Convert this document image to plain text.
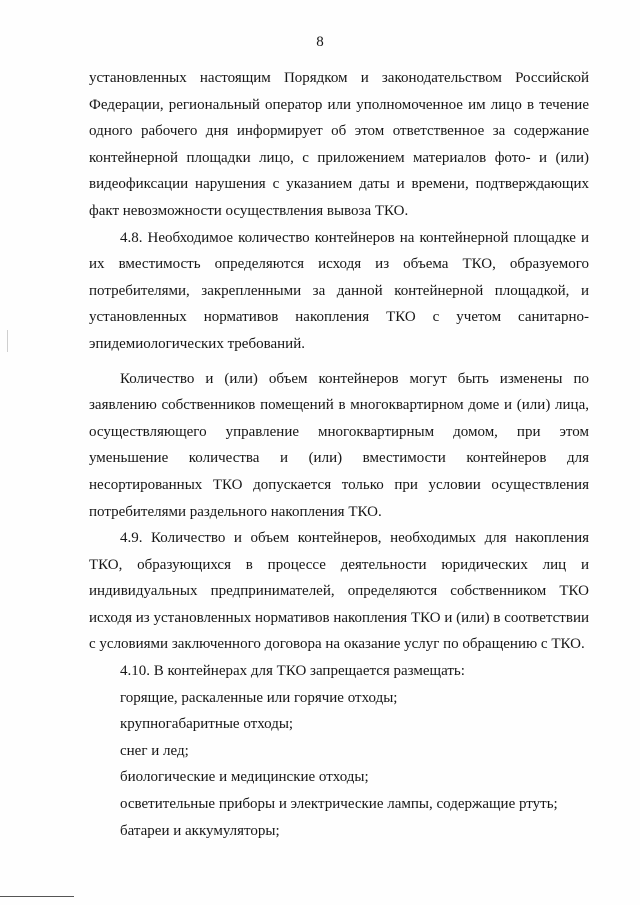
8

установленных настоящим Порядком и законодательством Российской Федерации, региональный оператор или уполномоченное им лицо в течение одного рабочего дня информирует об этом ответственное за содержание контейнерной площадки лицо, с приложением материалов фото- и (или) видеофиксации нарушения с указанием даты и времени, подтверждающих факт невозможности осуществления вывоза ТКО.

4.8. Необходимое количество контейнеров на контейнерной площадке и их вместимость определяются исходя из объема ТКО, образуемого потребителями, закрепленными за данной контейнерной площадкой, и установленных нормативов накопления ТКО с учетом санитарно-эпидемиологических требований.

Количество и (или) объем контейнеров могут быть изменены по заявлению собственников помещений в многоквартирном доме и (или) лица, осуществляющего управление многоквартирным домом, при этом уменьшение количества и (или) вместимости контейнеров для несортированных ТКО допускается только при условии осуществления потребителями раздельного накопления ТКО.

4.9. Количество и объем контейнеров, необходимых для накопления ТКО, образующихся в процессе деятельности юридических лиц и индивидуальных предпринимателей, определяются собственником ТКО исходя из установленных нормативов накопления ТКО и (или) в соответствии с условиями заключенного договора на оказание услуг по обращению с ТКО.

4.10. В контейнерах для ТКО запрещается размещать:

горящие, раскаленные или горячие отходы;

крупногабаритные отходы;

снег и лед;

биологические и медицинские отходы;

осветительные приборы и электрические лампы, содержащие ртуть;

батареи и аккумуляторы;
